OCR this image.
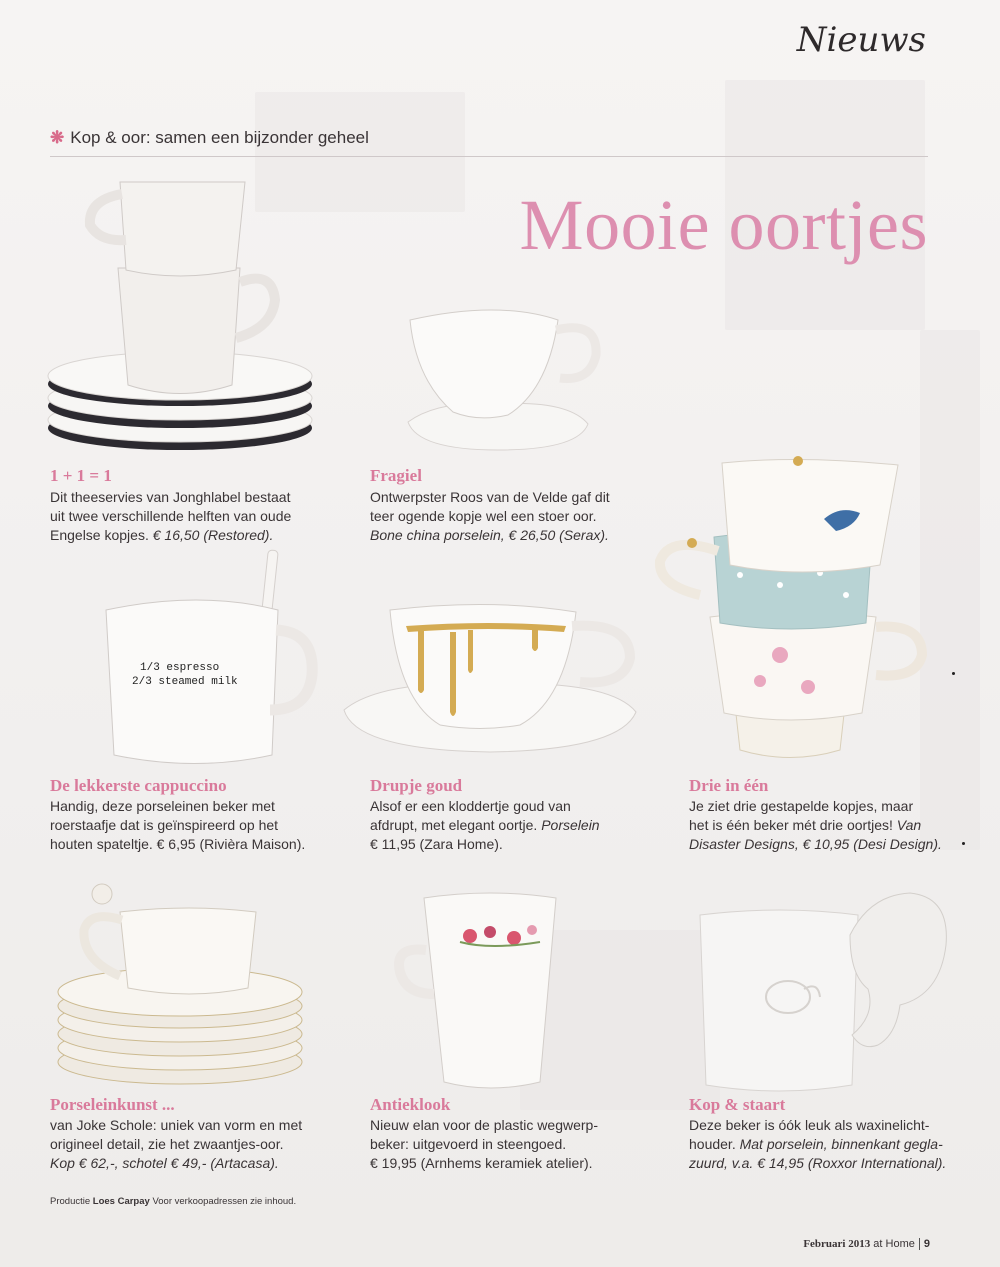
Nieuws
❋ Kop & oor: samen een bijzonder geheel
Mooie oortjes
1/3 espresso
2/3 steamed milk
1 + 1 = 1
Dit theeservies van Jonghlabel bestaat
uit twee verschillende helften van oude
Engelse kopjes. € 16,50 (Restored).
Fragiel
Ontwerpster Roos van de Velde gaf dit
teer ogende kopje wel een stoer oor.
Bone china porselein, € 26,50 (Serax).
De lekkerste cappuccino
Handig, deze porseleinen beker met
roerstaafje dat is geïnspireerd op het
houten spateltje. € 6,95 (Rivièra Maison).
Drupje goud
Alsof er een kloddertje goud van
afdrupt, met elegant oortje. Porselein
€ 11,95 (Zara Home).
Drie in één
Je ziet drie gestapelde kopjes, maar
het is één beker mét drie oortjes! Van
Disaster Designs, € 10,95 (Desi Design).
Porseleinkunst ...
van Joke Schole: uniek van vorm en met
origineel detail, zie het zwaantjes-oor.
Kop € 62,-, schotel € 49,- (Artacasa).
Antieklook
Nieuw elan voor de plastic wegwerp-
beker: uitgevoerd in steengoed.
€ 19,95 (Arnhems keramiek atelier).
Kop & staart
Deze beker is óók leuk als waxinelicht-
houder. Mat porselein, binnenkant gegla-
zuurd, v.a. € 14,95 (Roxxor International).
Productie Loes Carpay Voor verkoopadressen zie inhoud.
Februari 2013 at Home 9
